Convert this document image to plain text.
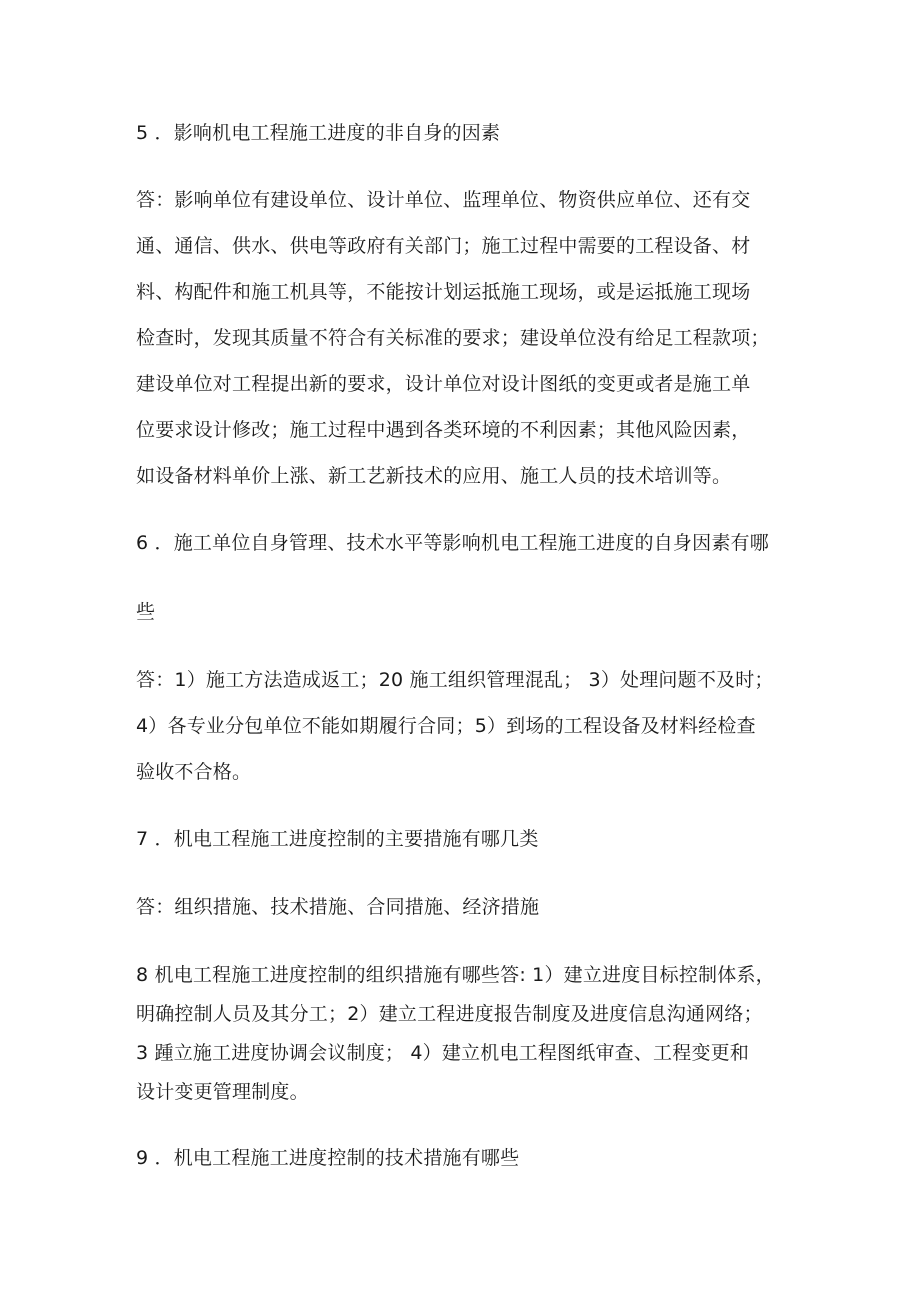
5 ．影响机电工程施工进度的非自身的因素
答：影响单位有建设单位、设计单位、监理单位、物资供应单位、还有交
通、通信、供水、供电等政府有关部门；施工过程中需要的工程设备、材
料、构配件和施工机具等，不能按计划运抵施工现场，或是运抵施工现场
检查时，发现其质量不符合有关标准的要求；建设单位没有给足工程款项；
建设单位对工程提出新的要求，设计单位对设计图纸的变更或者是施工单
位要求设计修改；施工过程中遇到各类环境的不利因素；其他风险因素，
如设备材料单价上涨、新工艺新技术的应用、施工人员的技术培训等。
6 ．施工单位自身管理、技术水平等影响机电工程施工进度的自身因素有哪
些
答：1）施工方法造成返工；20 施工组织管理混乱； 3）处理问题不及时；
4）各专业分包单位不能如期履行合同；5）到场的工程设备及材料经检查
验收不合格。
7 ．机电工程施工进度控制的主要措施有哪几类
答：组织措施、技术措施、合同措施、经济措施
8 机电工程施工进度控制的组织措施有哪些答: 1）建立进度目标控制体系，
明确控制人员及其分工；2）建立工程进度报告制度及进度信息沟通网络；
3 踵立施工进度协调会议制度； 4）建立机电工程图纸审查、工程变更和
设计变更管理制度。
9 ．机电工程施工进度控制的技术措施有哪些
